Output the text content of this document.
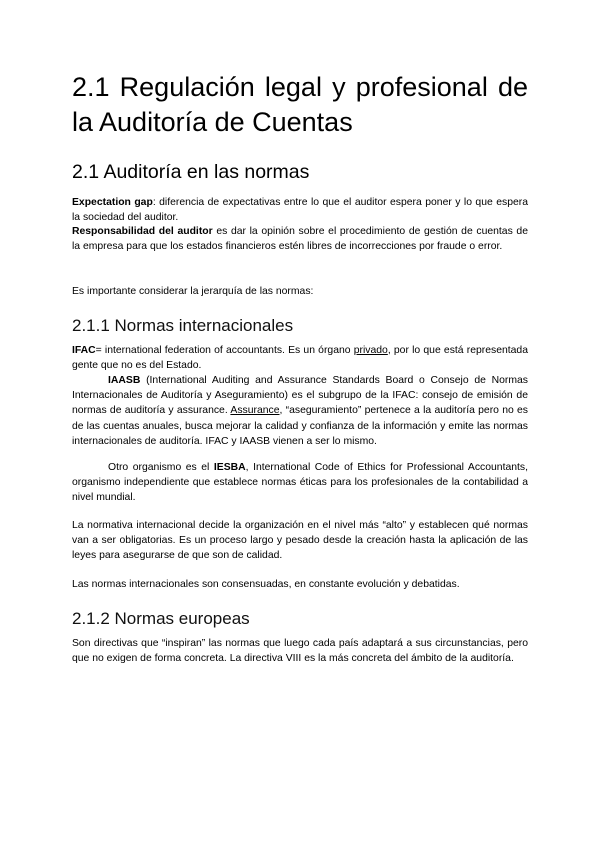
2.1 Regulación legal y profesional de la Auditoría de Cuentas
2.1 Auditoría en las normas

Expectation gap: diferencia de expectativas entre lo que el auditor espera poner y lo que espera la sociedad del auditor.

Responsabilidad del auditor es dar la opinión sobre el procedimiento de gestión de cuentas de la empresa para que los estados financieros estén libres de incorrecciones por fraude o error.

Es importante considerar la jerarquía de las normas:

2.1.1 Normas internacionales

IFAC= international federation of accountants. Es un órgano privado, por lo que está representada gente que no es del Estado.

IAASB (International Auditing and Assurance Standards Board o Consejo de Normas Internacionales de Auditoría y Aseguramiento) es el subgrupo de la IFAC: consejo de emisión de normas de auditoría y assurance. Assurance, “aseguramiento” pertenece a la auditoría pero no es de las cuentas anuales, busca mejorar la calidad y confianza de la información y emite las normas internacionales de auditoría. IFAC y IAASB vienen a ser lo mismo.

Otro organismo es el IESBA, International Code of Ethics for Professional Accountants, organismo independiente que establece normas éticas para los profesionales de la contabilidad a nivel mundial.

La normativa internacional decide la organización en el nivel más “alto” y establecen qué normas van a ser obligatorias. Es un proceso largo y pesado desde la creación hasta la aplicación de las leyes para asegurarse de que son de calidad.

Las normas internacionales son consensuadas, en constante evolución y debatidas.

2.1.2 Normas europeas

Son directivas que “inspiran” las normas que luego cada país adaptará a sus circunstancias, pero que no exigen de forma concreta. La directiva VIII es la más concreta del ámbito de la auditoría.
